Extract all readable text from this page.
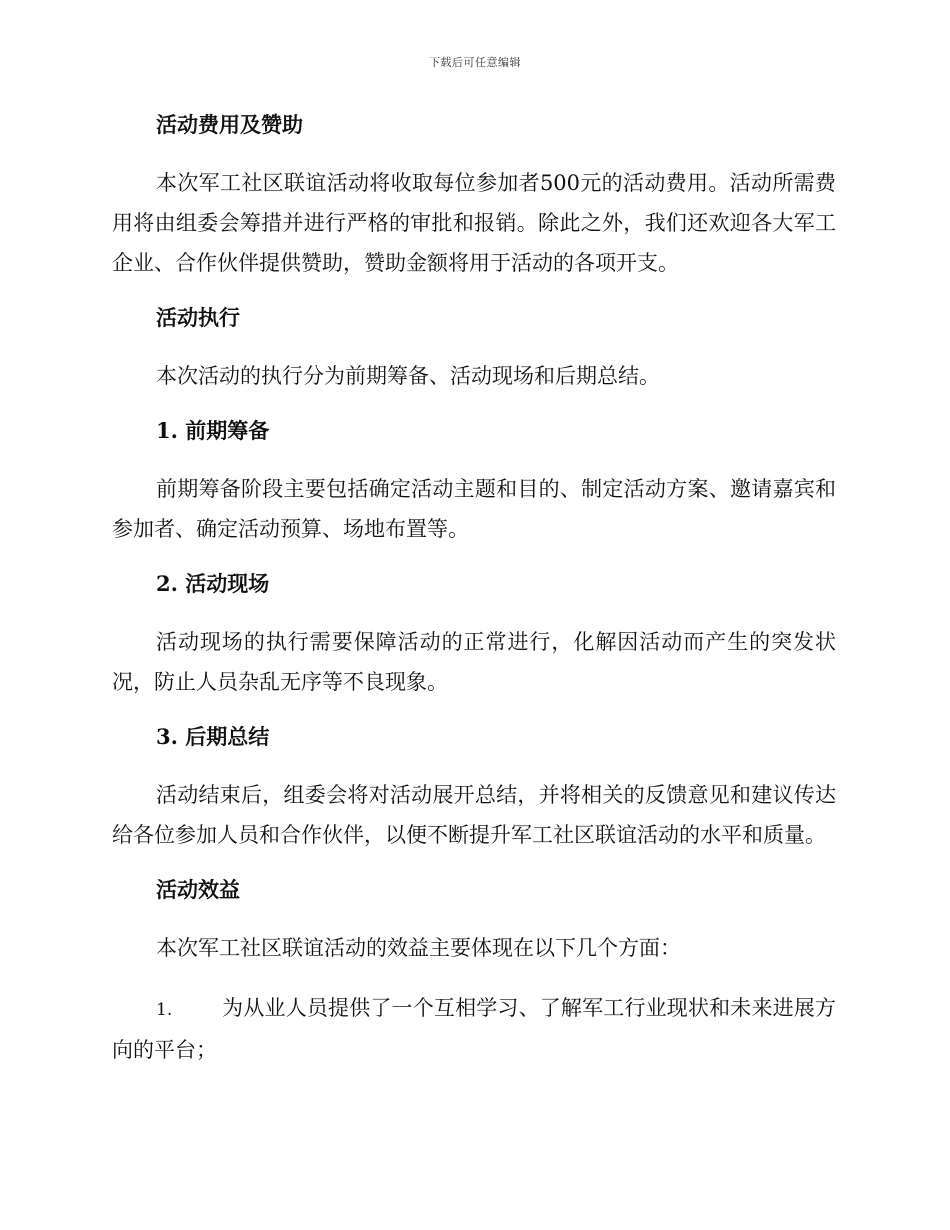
下载后可任意编辑
活动费用及赞助

本次军工社区联谊活动将收取每位参加者500元的活动费用。活动所需费用将由组委会筹措并进行严格的审批和报销。除此之外，我们还欢迎各大军工企业、合作伙伴提供赞助，赞助金额将用于活动的各项开支。

活动执行

本次活动的执行分为前期筹备、活动现场和后期总结。

1. 前期筹备

前期筹备阶段主要包括确定活动主题和目的、制定活动方案、邀请嘉宾和参加者、确定活动预算、场地布置等。

2. 活动现场

活动现场的执行需要保障活动的正常进行，化解因活动而产生的突发状况，防止人员杂乱无序等不良现象。

3. 后期总结

活动结束后，组委会将对活动展开总结，并将相关的反馈意见和建议传达给各位参加人员和合作伙伴，以便不断提升军工社区联谊活动的水平和质量。

活动效益

本次军工社区联谊活动的效益主要体现在以下几个方面：

1. 为从业人员提供了一个互相学习、了解军工行业现状和未来进展方向的平台；
